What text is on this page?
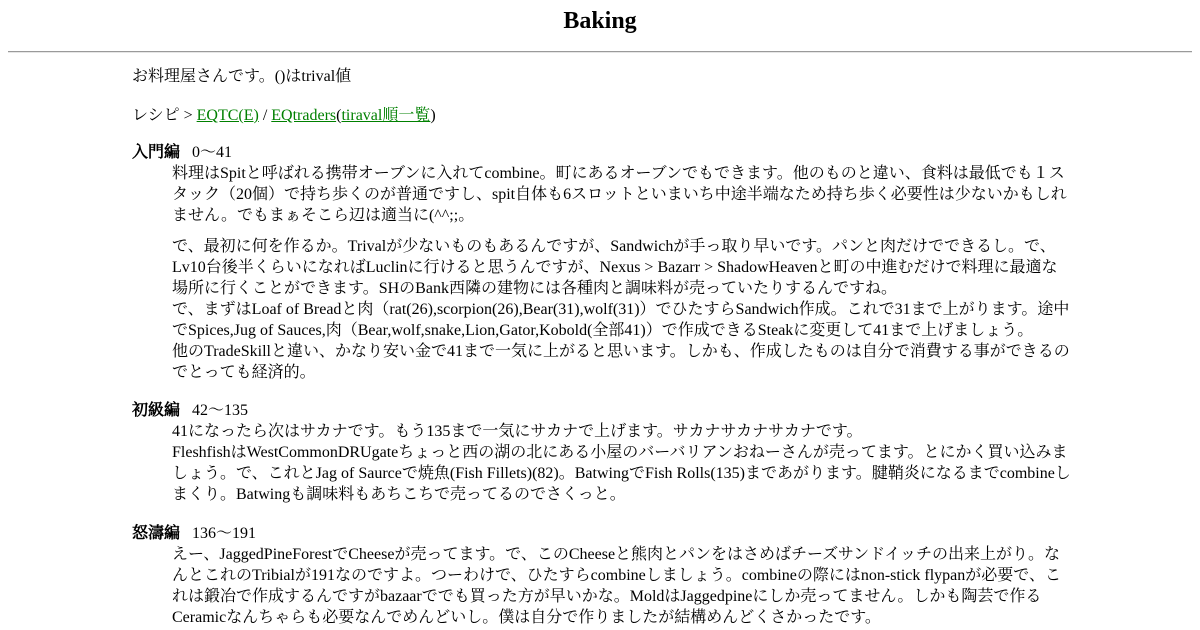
Baking
お料理屋さんです。()はtrival値
レシピ > EQTC(E) / EQtraders(tiraval順一覧)
入門編 0～41

料理はSpitと呼ばれる携帯オーブンに入れてcombine。町にあるオーブンでもできます。他のものと違い、食料は最低でも１スタック（20個）で持ち歩くのが普通ですし、spit自体も6スロットといまいち中途半端なため持ち歩く必要性は少ないかもしれません。でもまぁそこら辺は適当に(^^;;。

で、最初に何を作るか。Trivalが少ないものもあるんですが、Sandwichが手っ取り早いです。パンと肉だけでできるし。で、Lv10台後半くらいになればLuclinに行けると思うんですが、Nexus > Bazarr > ShadowHeavenと町の中進むだけで料理に最適な場所に行くことができます。SHのBank西隣の建物には各種肉と調味料が売っていたりするんですね。

で、まずはLoaf of Breadと肉（rat(26),scorpion(26),Bear(31),wolf(31)）でひたすらSandwich作成。これで31まで上がります。途中でSpices,Jug of Sauces,肉（Bear,wolf,snake,Lion,Gator,Kobold(全部41)）で作成できるSteakに変更して41まで上げましょう。

他のTradeSkillと違い、かなり安い金で41まで一気に上がると思います。しかも、作成したものは自分で消費する事ができるのでとっても経済的。

初級編 42～135

41になったら次はサカナです。もう135まで一気にサカナで上げます。サカナサカナサカナです。

FleshfishはWestCommonDRUgateちょっと西の湖の北にある小屋のバーバリアンおねーさんが売ってます。とにかく買い込みましょう。で、これとJag of Saurceで焼魚(Fish Fillets)(82)。BatwingでFish Rolls(135)まであがります。腱鞘炎になるまでcombineしまくり。Batwingも調味料もあちこちで売ってるのでさくっと。

怒濤編 136～191

えー、JaggedPineForestでCheeseが売ってます。で、このCheeseと熊肉とパンをはさめばチーズサンドイッチの出来上がり。なんとこれのTribialが191なのですよ。つーわけで、ひたすらcombineしましょう。combineの際にはnon-stick flypanが必要で、これは鍛冶で作成するんですがbazaarででも買った方が早いかな。MoldはJaggedpineにしか売ってません。しかも陶芸で作るCeramicなんちゃらも必要なんでめんどいし。僕は自分で作りましたが結構めんどくさかったです。
